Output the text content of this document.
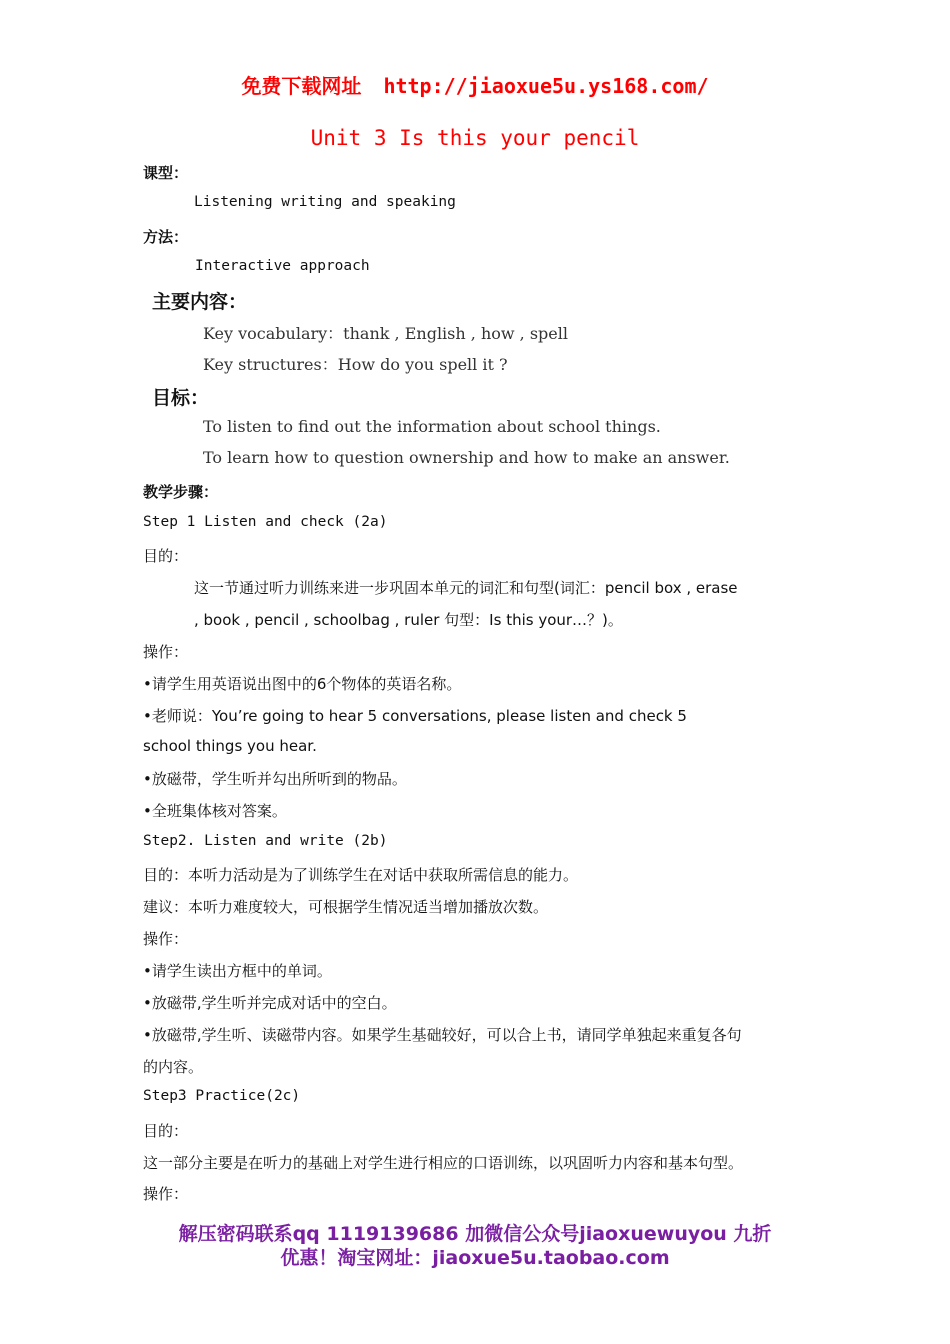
免费下载网址 http://jiaoxue5u.ys168.com/
Unit 3 Is this your pencil
课型：
Listening writing and speaking
方法：
Interactive approach
主要内容：
Key vocabulary：thank , English , how , spell
Key structures：How do you spell it ?
目标：
To listen to find out the information about school things.
To learn how to question ownership and how to make an answer.
教学步骤：
Step 1 Listen and check (2a)
目的：
这一节通过听力训练来进一步巩固本单元的词汇和句型(词汇：pencil box , erase
, book , pencil , schoolbag , ruler 句型：Is this your…？)。
操作：
•请学生用英语说出图中的6个物体的英语名称。
•老师说：You’re going to hear 5 conversations, please listen and check 5
school things you hear.
•放磁带，学生听并勾出所听到的物品。
•全班集体核对答案。
Step2. Listen and write (2b)
目的：本听力活动是为了训练学生在对话中获取所需信息的能力。
建议：本听力难度较大，可根据学生情况适当增加播放次数。
操作：
•请学生读出方框中的单词。
•放磁带,学生听并完成对话中的空白。
•放磁带,学生听、读磁带内容。如果学生基础较好，可以合上书，请同学单独起来重复各句
的内容。
Step3 Practice(2c)
目的：
这一部分主要是在听力的基础上对学生进行相应的口语训练，以巩固听力内容和基本句型。
操作：
解压密码联系qq 1119139686 加微信公众号jiaoxuewuyou 九折
优惠！淘宝网址：jiaoxue5u.taobao.com
